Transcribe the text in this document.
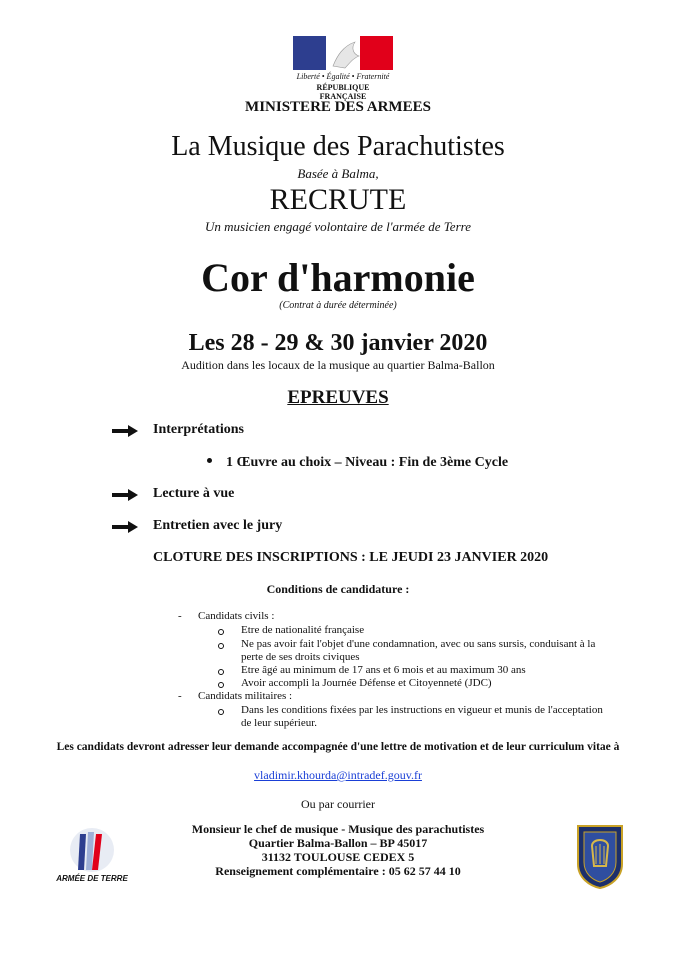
Liberté • Égalité • Fraternité
RÉPUBLIQUE FRANÇAISE
MINISTERE DES ARMEES
La Musique des Parachutistes
Basée à Balma,
RECRUTE
Un musicien engagé volontaire de l'armée de Terre
Cor d'harmonie
(Contrat à durée déterminée)
Les 28 - 29 & 30 janvier 2020
Audition dans les locaux de la musique au quartier Balma-Ballon
EPREUVES
Interprétations
1 Œuvre au choix – Niveau : Fin de 3ème Cycle
Lecture à vue
Entretien avec le jury
CLOTURE DES INSCRIPTIONS : LE JEUDI 23 JANVIER 2020
Conditions de candidature :
- Candidats civils :
Etre de nationalité française
Ne pas avoir fait l'objet d'une condamnation, avec ou sans sursis, conduisant à la
perte de ses droits civiques
Etre âgé au minimum de 17 ans et 6 mois et au maximum 30 ans
Avoir accompli la Journée Défense et Citoyenneté (JDC)
- Candidats militaires :
Dans les conditions fixées par les instructions en vigueur et munis de l'acceptation
de leur supérieur.
Les candidats devront adresser leur demande accompagnée d'une lettre de motivation et de leur curriculum vitae à
vladimir.khourda@intradef.gouv.fr
Ou par courrier
Monsieur le chef de musique - Musique des parachutistes
Quartier Balma-Ballon – BP 45017
31132 TOULOUSE CEDEX 5
Renseignement complémentaire : 05 62 57 44 10
ARMÉE DE TERRE
